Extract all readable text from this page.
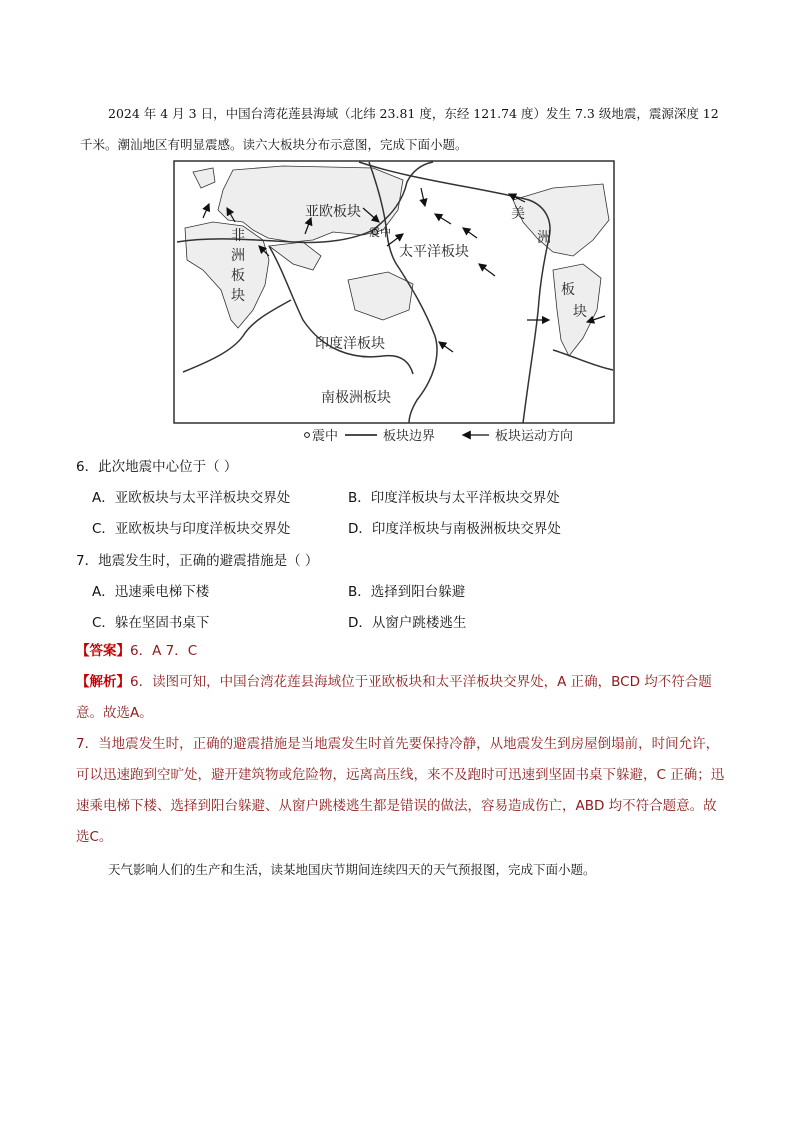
2024 年 4 月 3 日，中国台湾花莲县海域（北纬 23.81 度，东经 121.74 度）发生 7.3 级地震，震源深度 12 千米。潮汕地区有明显震感。读六大板块分布示意图，完成下面小题。

亚欧板块
震中
太平洋板块
非
洲
板
块
美
洲
板
块
印度洋板块
南极洲板块
震中	板块边界	板块运动方向

6．此次地震中心位于（ ）

A．亚欧板块与太平洋板块交界处	B．印度洋板块与太平洋板块交界处

C．亚欧板块与印度洋板块交界处	D．印度洋板块与南极洲板块交界处

7．地震发生时，正确的避震措施是（ ）

A．迅速乘电梯下楼	B．选择到阳台躲避

C．躲在坚固书桌下	D．从窗户跳楼逃生

【答案】6．A 7．C

【解析】6．读图可知，中国台湾花莲县海域位于亚欧板块和太平洋板块交界处，A 正确，BCD 均不符合题意。故选A。

7．当地震发生时，正确的避震措施是当地震发生时首先要保持冷静，从地震发生到房屋倒塌前，时间允许，可以迅速跑到空旷处，避开建筑物或危险物，远离高压线，来不及跑时可迅速到坚固书桌下躲避，C 正确；迅速乘电梯下楼、选择到阳台躲避、从窗户跳楼逃生都是错误的做法，容易造成伤亡，ABD 均不符合题意。故选C。

天气影响人们的生产和生活，读某地国庆节期间连续四天的天气预报图，完成下面小题。
